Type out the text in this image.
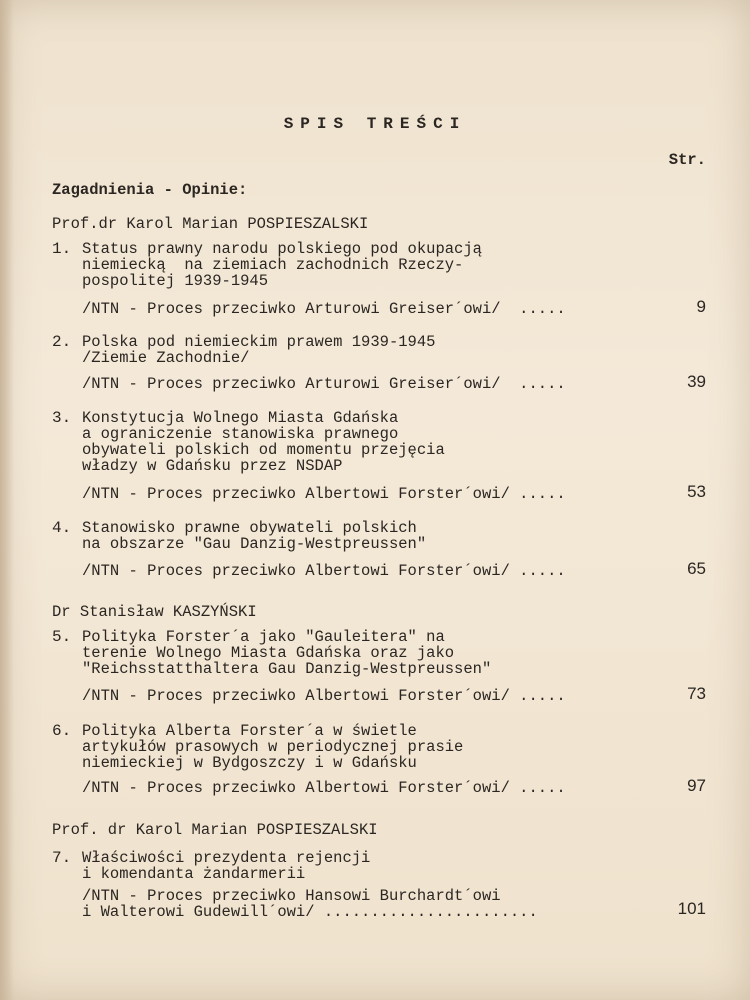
SPIS TREŚCI
Str.
Zagadnienia - Opinie:
Prof.dr Karol Marian POSPIESZALSKI
1. Status prawny narodu polskiego pod okupacją
niemiecką  na ziemiach zachodnich Rzeczy-
pospolitej 1939-1945
/NTN - Proces przeciwko Arturowi Greiser´owi/  .....	9
2. Polska pod niemieckim prawem 1939-1945
/Ziemie Zachodnie/
/NTN - Proces przeciwko Arturowi Greiser´owi/  .....	39
3. Konstytucja Wolnego Miasta Gdańska
a ograniczenie stanowiska prawnego
obywateli polskich od momentu przejęcia
władzy w Gdańsku przez NSDAP
/NTN - Proces przeciwko Albertowi Forster´owi/ .....	53
4. Stanowisko prawne obywateli polskich
na obszarze "Gau Danzig-Westpreussen"
/NTN - Proces przeciwko Albertowi Forster´owi/ .....	65
Dr Stanisław KASZYŃSKI
5. Polityka Forster´a jako "Gauleitera" na
terenie Wolnego Miasta Gdańska oraz jako
"Reichsstatthaltera Gau Danzig-Westpreussen"
/NTN - Proces przeciwko Albertowi Forster´owi/ .....	73
6. Polityka Alberta Forster´a w świetle
artykułów prasowych w periodycznej prasie
niemieckiej w Bydgoszczy i w Gdańsku
/NTN - Proces przeciwko Albertowi Forster´owi/ .....	97
Prof. dr Karol Marian POSPIESZALSKI
7. Właściwości prezydenta rejencji
i komendanta żandarmerii
/NTN - Proces przeciwko Hansowi Burchardt´owi
i Walterowi Gudewill´owi/ .......................	101
